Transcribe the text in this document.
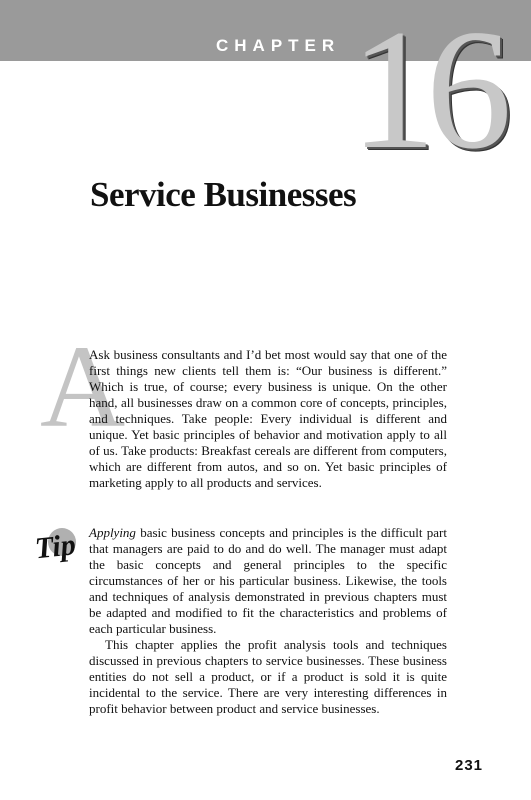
CHAPTER 16
Service Businesses
A

Ask business consultants and I’d bet most would say that one of the first things new clients tell them is: “Our business is different.” Which is true, of course; every business is unique. On the other hand, all businesses draw on a common core of concepts, principles, and techniques. Take people: Every individual is different and unique. Yet basic principles of behavior and motivation apply to all of us. Take products: Breakfast cereals are different from computers, which are different from autos, and so on. Yet basic principles of marketing apply to all products and services.

Tip Applying basic business concepts and principles is the difficult part that managers are paid to do and do well. The manager must adapt the basic concepts and general principles to the specific circumstances of her or his particular business. Likewise, the tools and techniques of analysis demonstrated in previous chapters must be adapted and modified to fit the characteristics and problems of each particular business.

This chapter applies the profit analysis tools and techniques discussed in previous chapters to service businesses. These business entities do not sell a product, or if a product is sold it is quite incidental to the service. There are very interesting differences in profit behavior between product and service businesses.

231
